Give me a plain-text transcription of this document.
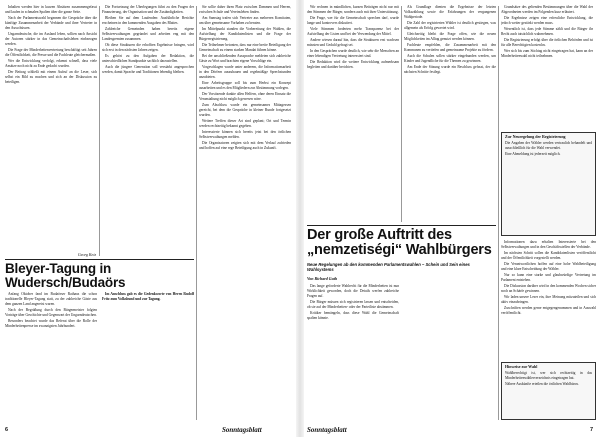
Inhalten werden hier in kurzen Absätzen zusammengefasst und laufen in schmalen Spalten über die ganze Seite.

Nach der Parlamentswahl begannen die Gespräche über die künftige Zusammenarbeit der Verbände und ihrer Vertreter in den Ausschüssen.

Ungarndeutsche, die im Ausland leben, sollten nach Ansicht der Autoren stärker in das Gemeinschaftsleben einbezogen werden.

Die Frage der Minderheitenvertretung beschäftigt seit Jahren die Öffentlichkeit, die Presse und die Fachleute gleichermaßen.

Wer die Entwicklung verfolgt, erkennt schnell, dass viele Ansätze noch nicht zu Ende gedacht wurden.

Der Beitrag schließt mit einem Aufruf an die Leser, sich selbst ein Bild zu machen und sich an der Diskussion zu beteiligen.

Die Fortsetzung der Überlegungen führt zu den Fragen der Finanzierung, der Organisation und der Zuständigkeiten.

Bleiben Sie auf dem Laufenden: Ausführliche Berichte erscheinen in den kommenden Ausgaben des Blattes.

Zahlreiche Gemeinden haben bereits eigene Selbstverwaltungen gegründet und arbeiten eng mit den Landesgremien zusammen.

Ob diese Strukturen die erhofften Ergebnisse bringen, wird sich erst in den nächsten Jahren zeigen.

Es gehört zu den Aufgaben der Redaktion, die unterschiedlichen Standpunkte sachlich darzustellen.

Auch die jüngere Generation soll verstärkt angesprochen werden, damit Sprache und Traditionen lebendig bleiben.

Sie sollte daher ihren Platz zwischen Dammen und Herren, zwischen Schule und Vereinsleben finden.

Am Samstag trafen sich Vertreter aus mehreren Komitaten, um über gemeinsame Vorhaben zu beraten.

Im Mittelpunkt standen die Vorbereitung der Wahlen, die Aufstellung der Kandidatenlisten und die Frage der Bürgerregistrierung.

Die Teilnehmer betonten, dass nur eine breite Beteiligung der Gemeinschaft zu einem starken Mandat führen könne.

Bei der anschließenden Aussprache meldeten sich zahlreiche Gäste zu Wort und brachten eigene Vorschläge ein.

Vorgeschlagen wurde unter anderem, die Informationsarbeit in den Dörfern auszubauen und regelmäßige Sprechstunden anzubieten.

Eine Arbeitsgruppe soll bis zum Herbst ein Konzept ausarbeiten und es den Mitgliedern zur Abstimmung vorlegen.

Der Vorsitzende dankte allen Helfern, ohne deren Einsatz die Veranstaltung nicht möglich gewesen wäre.

Zum Abschluss wurde ein gemeinsames Mittagessen gereicht, bei dem die Gespräche in kleiner Runde fortgesetzt wurden.

Weitere Treffen dieser Art sind geplant; Ort und Termin werden rechtzeitig bekannt gegeben.

Interessierte können sich bereits jetzt bei den örtlichen Selbstverwaltungen melden.

Die Organisatoren zeigten sich mit dem Verlauf zufrieden und hoffen auf eine rege Beteiligung auch in Zukunft.

Georg Keiz
Bleyer-Tagung in Wudersch/Budaörs

Anfang Oktober fand im Budaörser Rathaus die schon traditionelle Bleyer-Tagung statt, zu der zahlreiche Gäste aus dem ganzen Land angereist waren.

Nach der Begrüßung durch den Bürgermeister folgten Vorträge über Geschichte und Gegenwart der Ungarndeutschen.

Besonders beachtet wurde das Referat über die Rolle der Minderheitenpresse im zwanzigsten Jahrhundert.

Im Anschluss gab es die Gedenkworte von Herrn Rudolf Fritz zum Volksbund und zur Tagung.

6	Sonntagsblatt

Wir rechnen in mündlichen, kurzen Beiträgen nicht nur mit den Stimmen der Bürger, sondern auch mit ihrer Unterstützung.

Die Frage, wer für die Gemeinschaft sprechen darf, wurde lange und kontrovers diskutiert.

Viele Stimmen forderten mehr Transparenz bei der Aufstellung der Listen und bei der Verwendung der Mittel.

Andere wiesen darauf hin, dass die Strukturen erst wachsen müssten und Geduld gefragt sei.

In den Gesprächen wurde deutlich, wie sehr die Menschen an einer lebendigen Vertretung interessiert sind.

Die Redaktion wird die weitere Entwicklung aufmerksam begleiten und darüber berichten.

Als Grundlage dienten die Ergebnisse der letzten Volkszählung sowie die Erfahrungen der vergangenen Wahlperiode.

Die Zahl der registrierten Wähler ist deutlich gestiegen, was allgemein als Erfolg gewertet wird.

Gleichzeitig bleibt die Frage offen, wie die neuen Möglichkeiten im Alltag genutzt werden können.

Fachleute empfehlen, die Zusammenarbeit mit den Kommunen zu vertiefen und gemeinsame Projekte zu fördern.

Auch die Schulen sollen stärker eingebunden werden, um Kinder und Jugendliche für die Themen zu gewinnen.

Am Ende der Sitzung wurde ein Beschluss gefasst, der die nächsten Schritte festlegt.

Grundsätze des geltenden Bestimmungen über die Wahl der Abgeordneten werden im Folgenden kurz erläutert.

Die Ergebnisse zeigen eine erfreuliche Entwicklung, die jedoch weiter gestärkt werden muss.

Wesentlich ist, dass jede Stimme zählt und die Bürger ihr Recht auch tatsächlich wahrnehmen.

Die Registrierung erfolgt über die örtlichen Behörden und ist für alle Berechtigten kostenlos.

Wer sich bis zum Stichtag nicht eingetragen hat, kann an der Minderheitenwahl nicht teilnehmen.

Zur Neuregelung der Registrierung

Die Angaben der Wähler werden vertraulich behandelt und ausschließlich für die Wahl verwendet.

Eine Abmeldung ist jederzeit möglich.

Informationen dazu erhalten Interessierte bei den Selbstverwaltungen und in den Geschäftsstellen der Verbände.

Im nächsten Schritt sollen die Kandidatenlisten veröffentlicht und der Öffentlichkeit vorgestellt werden.

Die Verantwortlichen hoffen auf eine hohe Wahlbeteiligung und eine klare Entscheidung der Wähler.

Nur so kann eine starke und glaubwürdige Vertretung im Parlament entstehen.

Die Diskussion darüber wird in den kommenden Wochen sicher noch an Schärfe gewinnen.

Wir laden unsere Leser ein, ihre Meinung mitzuteilen und sich aktiv einzubringen.

Zuschriften werden gerne entgegengenommen und in Auswahl veröffentlicht.

Hinweise zur Wahl

Wahlberechtigt ist, wer sich rechtzeitig in das Minderheitenwählerverzeichnis eingetragen hat.

Nähere Auskünfte erteilen die örtlichen Wahlbüros.

Der große Auftritt des „nemzetiségi“ Wahlbürgers
Neue Regelungen ab den kommenden Parlamentswahlen – Schein und Sein eines Wahlsystems
Von Richard Guth

Das lange geforderte Wahlrecht für die Minderheiten ist nun Wirklichkeit geworden, doch die Details werfen zahlreiche Fragen auf.

Die Bürger müssen sich registrieren lassen und entscheiden, ob sie auf der Minderheiten- oder der Parteiliste abstimmen.

Kritiker bemängeln, dass diese Wahl die Gemeinschaft spalten könnte.

Sonntagsblatt	7
